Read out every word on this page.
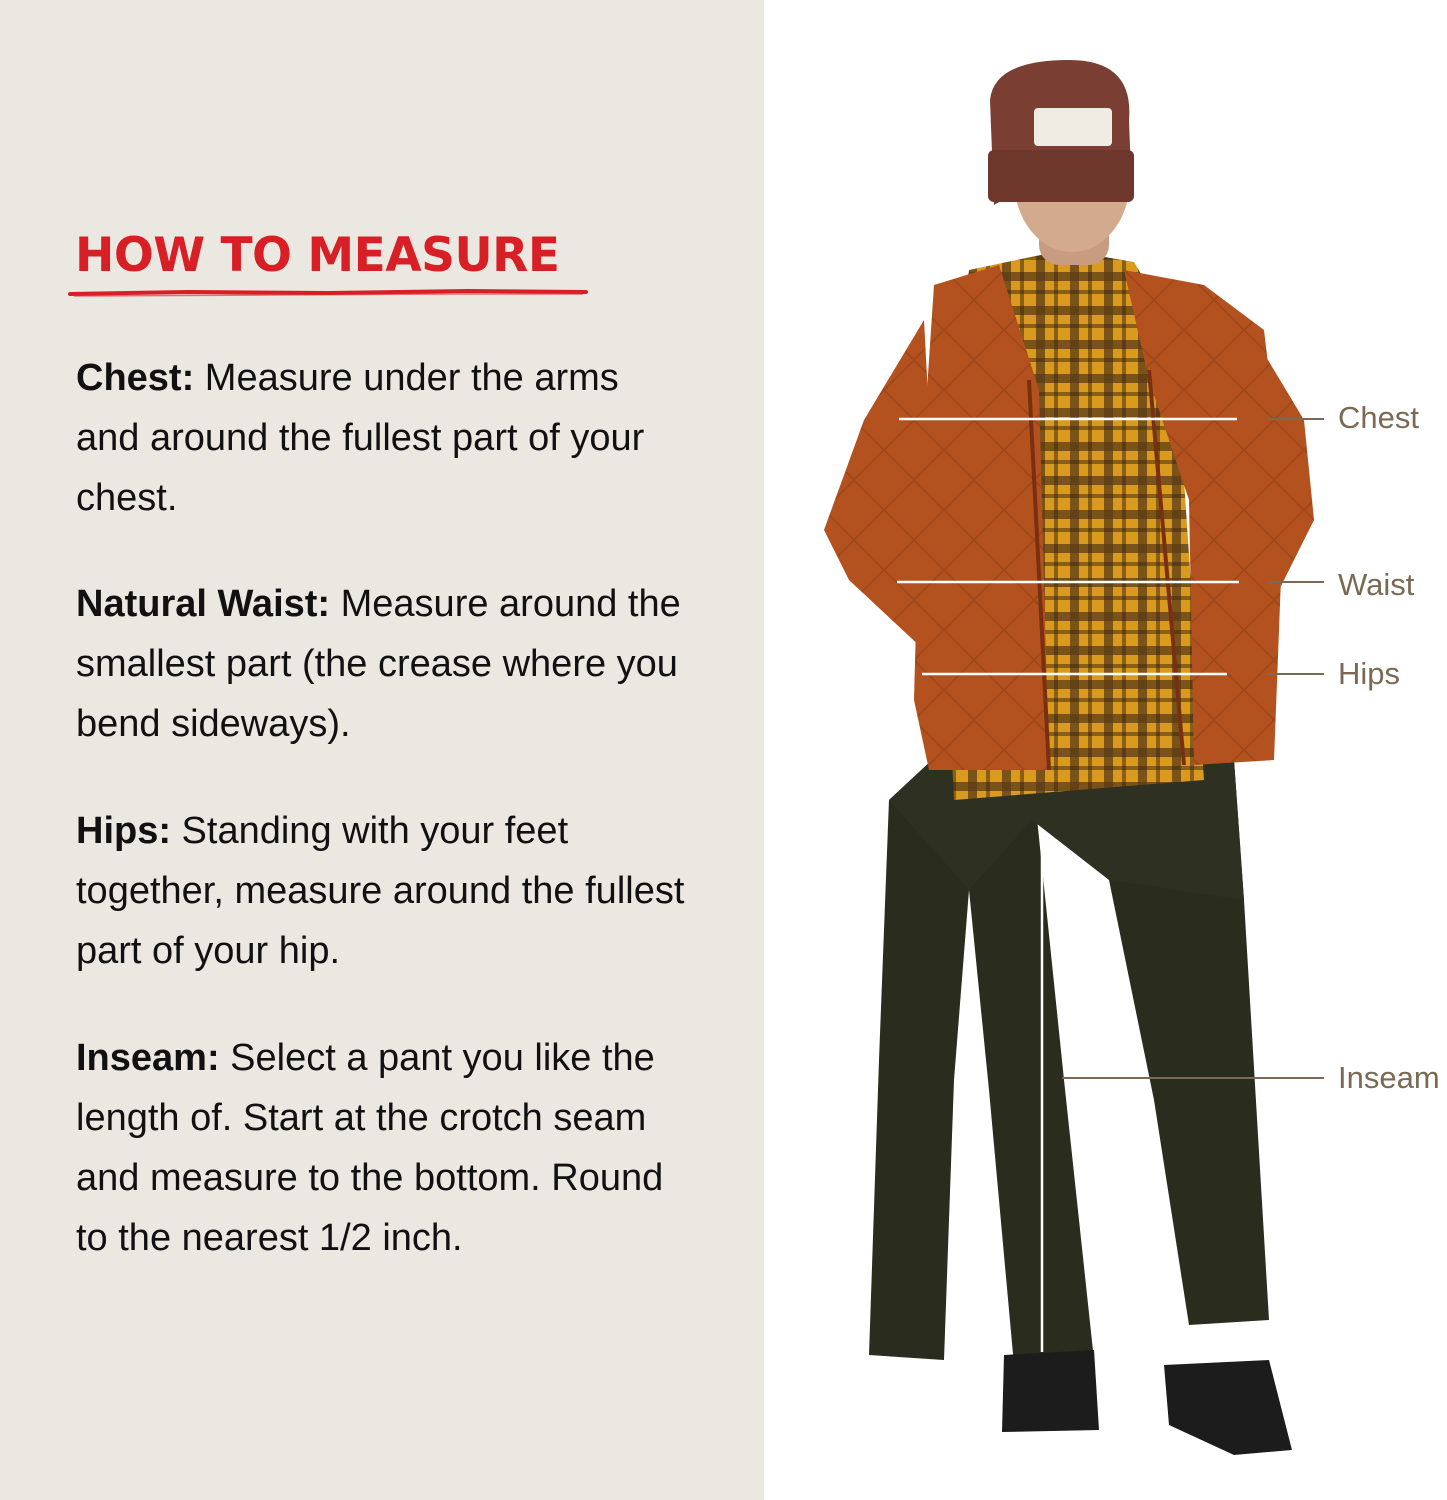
HOW TO MEASURE
Chest: Measure under the arms and around the fullest part of your chest.
Natural Waist: Measure around the smallest part (the crease where you bend sideways).
Hips: Standing with your feet together, measure around the fullest part of your hip.
Inseam: Select a pant you like the length of. Start at the crotch seam and measure to the bottom. Round to the nearest 1/2 inch.
Chest
Waist
Hips
Inseam
